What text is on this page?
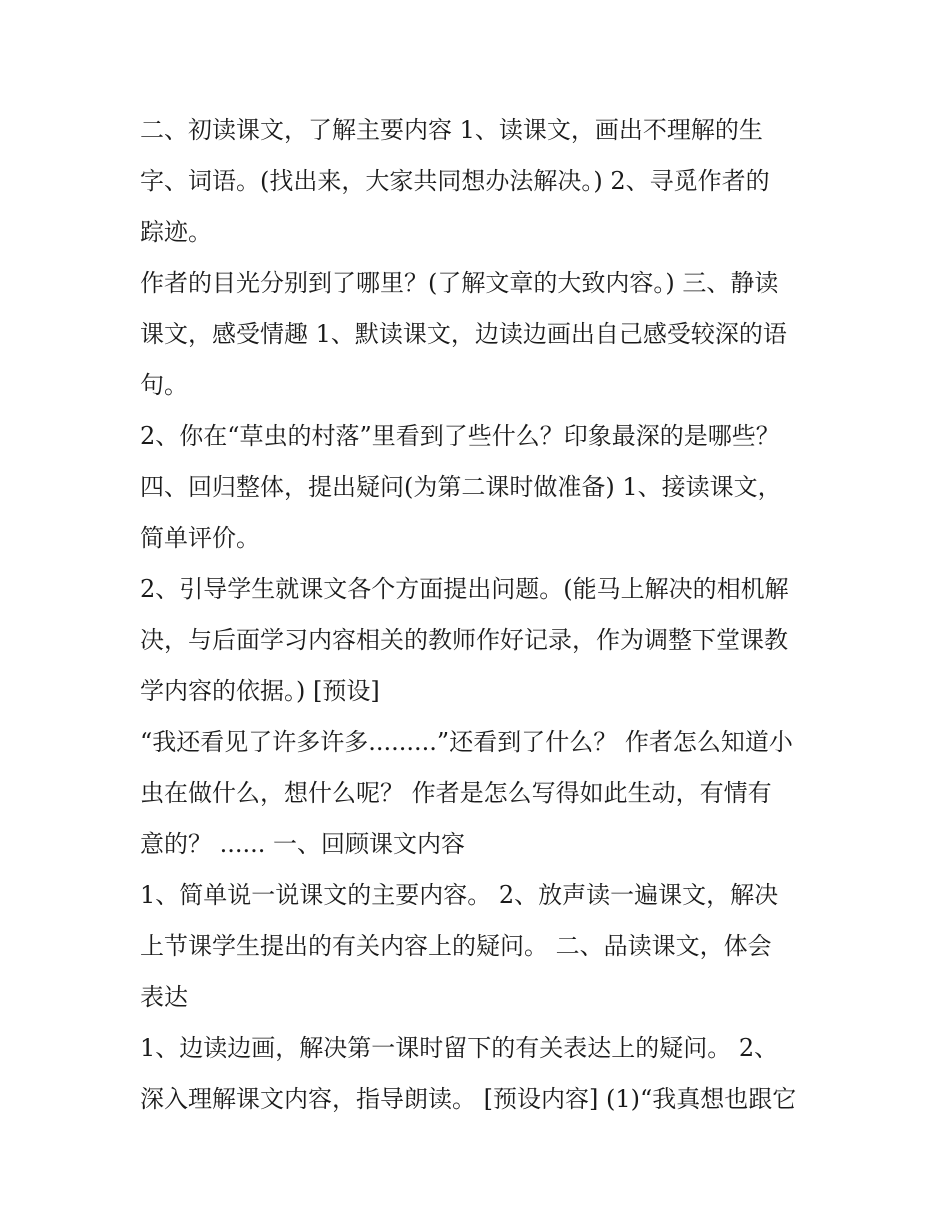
二、初读课文，了解主要内容 1、读课文，画出不理解的生
字、词语。(找出来，大家共同想办法解决。) 2、寻觅作者的
踪迹。
作者的目光分别到了哪里？(了解文章的大致内容。) 三、静读
课文，感受情趣 1、默读课文，边读边画出自己感受较深的语
句。
2、你在“草虫的村落”里看到了些什么？印象最深的是哪些？
四、回归整体，提出疑问(为第二课时做准备) 1、接读课文，
简单评价。
2、引导学生就课文各个方面提出问题。(能马上解决的相机解
决，与后面学习内容相关的教师作好记录，作为调整下堂课教
学内容的依据。) [预设]
“我还看见了许多许多.........”还看到了什么？ 作者怎么知道小
虫在做什么，想什么呢？ 作者是怎么写得如此生动，有情有
意的？ ...... 一、回顾课文内容
1、简单说一说课文的主要内容。 2、放声读一遍课文，解决
上节课学生提出的有关内容上的疑问。 二、品读课文，体会
表达
1、边读边画，解决第一课时留下的有关表达上的疑问。 2、
深入理解课文内容，指导朗读。 [预设内容] (1)“我真想也跟它
